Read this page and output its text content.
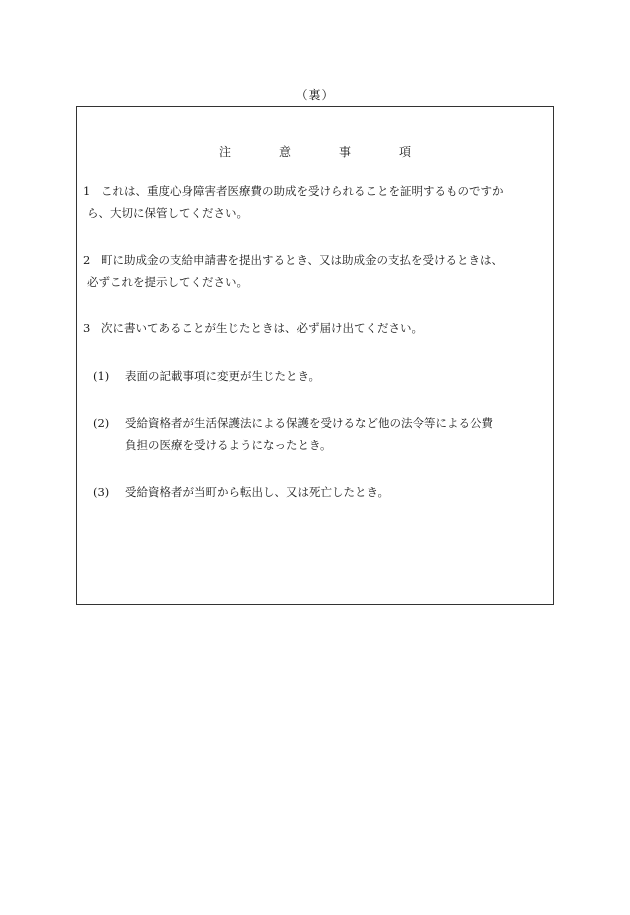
（裏）
注	意	事	項
1 これは、重度心身障害者医療費の助成を受けられることを証明するものですか
ら、大切に保管してください。
2 町に助成金の支給申請書を提出するとき、又は助成金の支払を受けるときは、
必ずこれを提示してください。
3 次に書いてあることが生じたときは、必ず届け出てください。
(1) 表面の記載事項に変更が生じたとき。
(2) 受給資格者が生活保護法による保護を受けるなど他の法令等による公費
負担の医療を受けるようになったとき。
(3) 受給資格者が当町から転出し、又は死亡したとき。
